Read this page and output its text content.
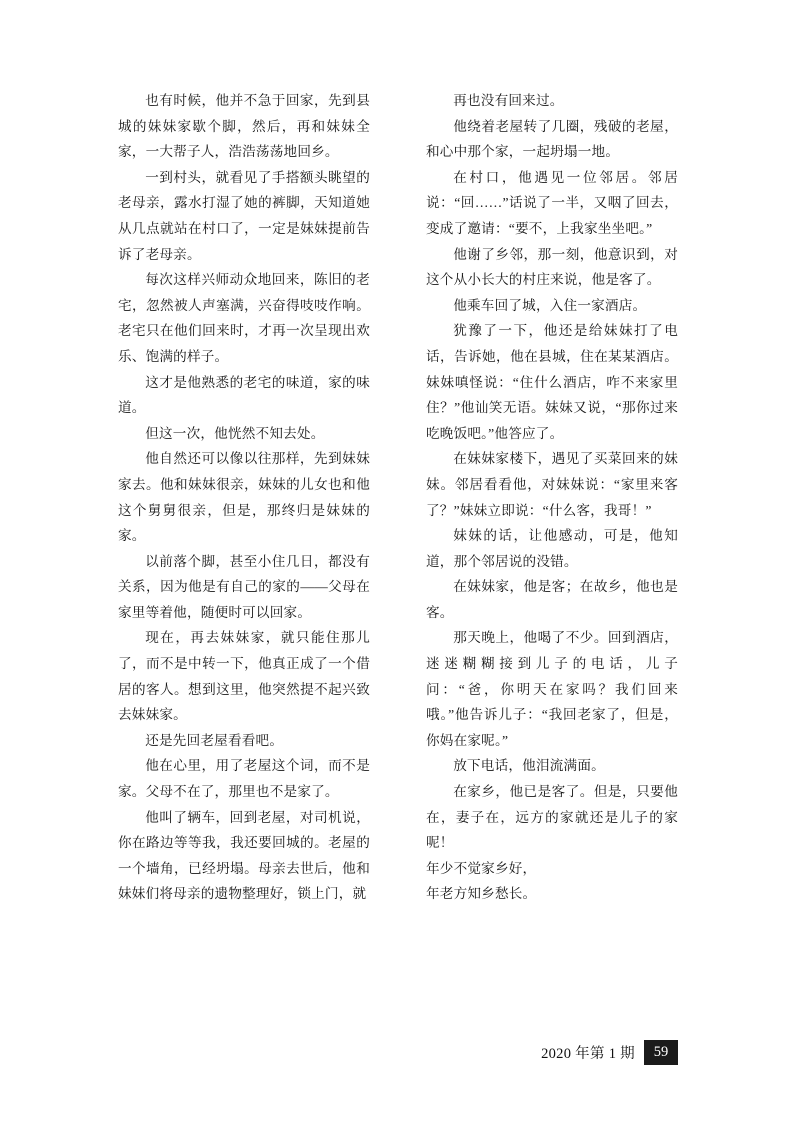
也有时候，他并不急于回家，先到县城的妹妹家歇个脚，然后，再和妹妹全家，一大帮子人，浩浩荡荡地回乡。

一到村头，就看见了手搭额头眺望的老母亲，露水打湿了她的裤脚，天知道她从几点就站在村口了，一定是妹妹提前告诉了老母亲。

每次这样兴师动众地回来，陈旧的老宅，忽然被人声塞满，兴奋得吱吱作响。老宅只在他们回来时，才再一次呈现出欢乐、饱满的样子。

这才是他熟悉的老宅的味道，家的味道。

但这一次，他恍然不知去处。

他自然还可以像以往那样，先到妹妹家去。他和妹妹很亲，妹妹的儿女也和他这个舅舅很亲，但是，那终归是妹妹的家。

以前落个脚，甚至小住几日，都没有关系，因为他是有自己的家的——父母在家里等着他，随便时可以回家。

现在，再去妹妹家，就只能住那儿了，而不是中转一下，他真正成了一个借居的客人。想到这里，他突然提不起兴致去妹妹家。

还是先回老屋看看吧。

他在心里，用了老屋这个词，而不是家。父母不在了，那里也不是家了。

他叫了辆车，回到老屋，对司机说，你在路边等等我，我还要回城的。老屋的一个墙角，已经坍塌。母亲去世后，他和妹妹们将母亲的遗物整理好，锁上门，就

再也没有回来过。

他绕着老屋转了几圈，残破的老屋，和心中那个家，一起坍塌一地。

在村口，他遇见一位邻居。邻居说：“回……”话说了一半，又咽了回去，变成了邀请：“要不，上我家坐坐吧。”

他谢了乡邻，那一刻，他意识到，对这个从小长大的村庄来说，他是客了。

他乘车回了城，入住一家酒店。

犹豫了一下，他还是给妹妹打了电话，告诉她，他在县城，住在某某酒店。妹妹嗔怪说：“住什么酒店，咋不来家里住？”他讪笑无语。妹妹又说，“那你过来吃晚饭吧。”他答应了。

在妹妹家楼下，遇见了买菜回来的妹妹。邻居看看他，对妹妹说：“家里来客了？”妹妹立即说：“什么客，我哥！”

妹妹的话，让他感动，可是，他知道，那个邻居说的没错。

在妹妹家，他是客；在故乡，他也是客。

那天晚上，他喝了不少。回到酒店，迷迷糊糊接到儿子的电话，儿子问：“爸，你明天在家吗？我们回来哦。”他告诉儿子：“我回老家了，但是，你妈在家呢。”

放下电话，他泪流满面。

在家乡，他已是客了。但是，只要他在，妻子在，远方的家就还是儿子的家呢！

年少不觉家乡好，

年老方知乡愁长。

2020 年第 1 期	59
